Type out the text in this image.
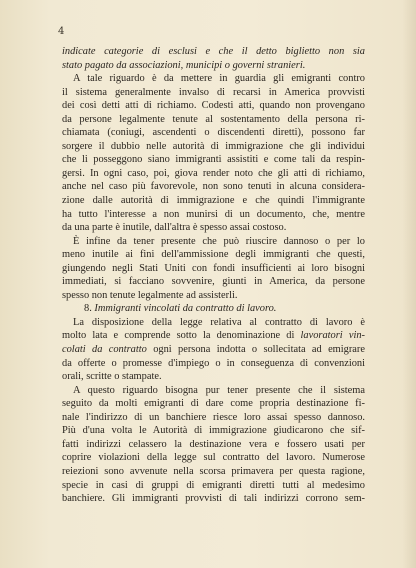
4
indicate categorie di esclusi e che il detto biglietto non sia
stato pagato da associazioni, municipi o governi stranieri.
A tale riguardo è da mettere in guardia gli emigranti contro
il sistema generalmente invalso di recarsi in America provvisti
dei così detti atti di richiamo. Codesti atti, quando non provengano
da persone legalmente tenute al sostentamento della persona ri-
chiamata (coniugi, ascendenti o discendenti diretti), possono far
sorgere il dubbio nelle autorità di immigrazione che gli individui
che li posseggono siano immigranti assistiti e come tali da respin-
gersi. In ogni caso, poi, giova render noto che gli atti di richiamo,
anche nel caso più favorevole, non sono tenuti in alcuna considera-
zione dalle autorità di immigrazione e che quindi l'immigrante
ha tutto l'interesse a non munirsi di un documento, che, mentre
da una parte è inutile, dall'altra è spesso assai costoso.
È infine da tener presente che può riuscire dannoso o per lo
meno inutile ai fini dell'ammissione degli immigranti che questi,
giungendo negli Stati Uniti con fondi insufficienti ai loro bisogni
immediati, si facciano sovvenire, giunti in America, da persone
spesso non tenute legalmente ad assisterli.
8. Immigranti vincolati da contratto di lavoro.
La disposizione della legge relativa al contratto di lavoro è
molto lata e comprende sotto la denominazione di lavoratori vin-
colati da contratto ogni persona indotta o sollecitata ad emigrare
da offerte o promesse d'impiego o in conseguenza di convenzioni
orali, scritte o stampate.
A questo riguardo bisogna pur tener presente che il sistema
seguito da molti emigranti di dare come propria destinazione fi-
nale l'indirizzo di un banchiere riesce loro assai spesso dannoso.
Più d'una volta le Autorità di immigrazione giudicarono che sif-
fatti indirizzi celassero la destinazione vera e fossero usati per
coprire violazioni della legge sul contratto del lavoro. Numerose
reiezioni sono avvenute nella scorsa primavera per questa ragione,
specie in casi di gruppi di emigranti diretti tutti al medesimo
banchiere. Gli immigranti provvisti di tali indirizzi corrono sem-
